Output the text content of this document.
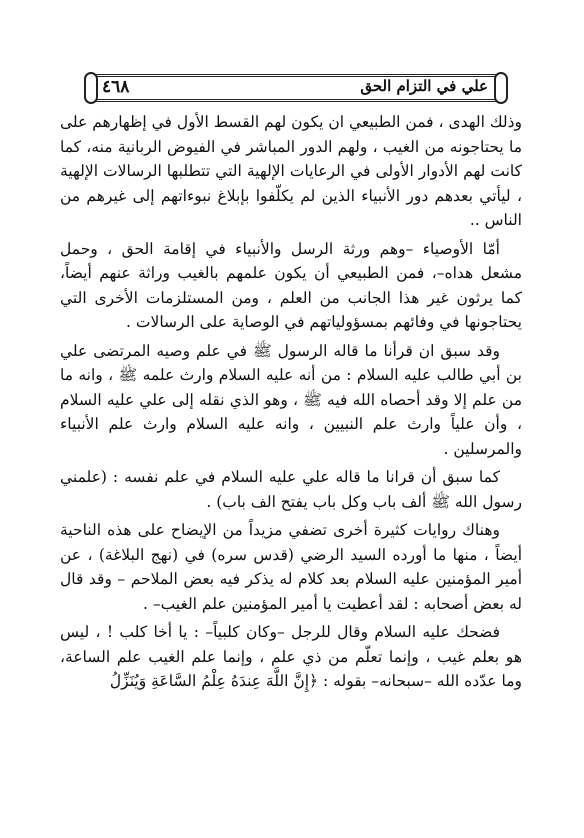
٤٦٨	علي في التزام الحق

وذلك الهدى ، فمن الطبيعي ان يكون لهم القسط الأول في إظهارهم على ما يحتاجونه من الغيب ، ولهم الدور المباشر في الفيوض الربانية منه، كما كانت لهم الأدوار الأولى في الرعايات الإلهية التي تتطلبها الرسالات الإلهية ، ليأتي بعدهم دور الأنبياء الذين لم يكلّفوا بإبلاغ نبوءاتهم إلى غيرهم من الناس ..

أمّا الأوصياء –وهم ورثة الرسل والأنبياء في إقامة الحق ، وحمل مشعل هداه–، فمن الطبيعي أن يكون علمهم بالغيب وراثة عنهم أيضاً، كما يرثون غير هذا الجانب من العلم ، ومن المستلزمات الأخرى التي يحتاجونها في وفائهم بمسؤولياتهم في الوصاية على الرسالات .

وقد سبق ان قرأنا ما قاله الرسول ﷺ في علم وصيه المرتضى علي بن أبي طالب عليه السلام : من أنه عليه السلام وارث علمه ﷺ ، وانه ما من علم إلا وقد أحصاه الله فيه ﷺ ، وهو الذي نقله إلى علي عليه السلام ، وأن علياً وارث علم النبيين ، وانه عليه السلام وارث علم الأنبياء والمرسلين .

كما سبق أن قرانا ما قاله علي عليه السلام في علم نفسه : (علمني رسول الله ﷺ ألف باب وكل باب يفتح الف باب) .

وهناك روايات كثيرة أخرى تضفي مزيداً من الإيضاح على هذه الناحية أيضاً ، منها ما أورده السيد الرضي (قدس سره) في (نهج البلاغة) ، عن أمير المؤمنين عليه السلام بعد كلام له يذكر فيه بعض الملاحم – وقد قال له بعض أصحابه : لقد أعطيت يا أمير المؤمنين علم الغيب– .

فضحك عليه السلام وقال للرجل –وكان كلبياً– : يا أخا كلب ! ، ليس هو بعلم غيب ، وإنما تعلّم من ذي علم ، وإنما علم الغيب علم الساعة، وما عدّده الله –سبحانه– بقوله : ﴿إِنَّ اللَّهَ عِندَهُ عِلْمُ السَّاعَةِ وَيُنَزِّلُ
